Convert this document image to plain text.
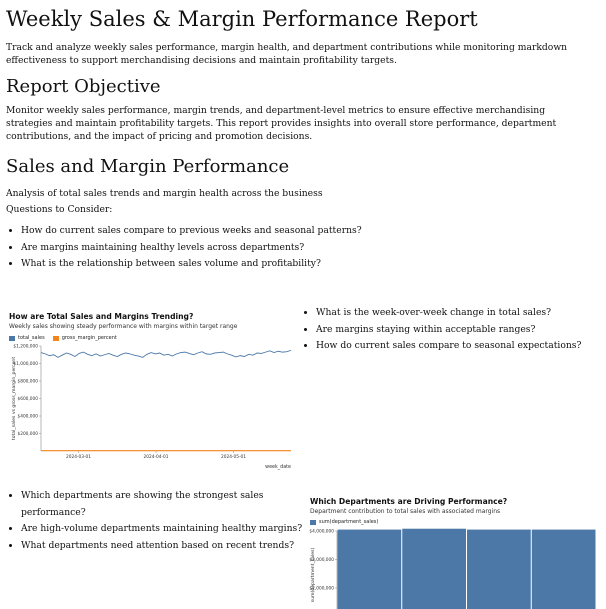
Weekly Sales & Margin Performance Report

Track and analyze weekly sales performance, margin health, and department contributions while monitoring markdown effectiveness to support merchandising decisions and maintain profitability targets.

Report Objective

Monitor weekly sales performance, margin trends, and department-level metrics to ensure effective merchandising strategies and maintain profitability targets. This report provides insights into overall store performance, department contributions, and the impact of pricing and promotion decisions.

Sales and Margin Performance

Analysis of total sales trends and margin health across the business

Questions to Consider:

• How do current sales compare to previous weeks and seasonal patterns?
• Are margins maintaining healthy levels across departments?
• What is the relationship between sales volume and profitability?
How are Total Sales and Margins Trending?
Weekly sales showing steady performance with margins within target range
total_sales	gross_margin_percent
total_sales vs gross_margin_percent $200,000
$400,000
$600,000
$800,000
$1,000,000
$1,200,000
2024-03-01	2024-04-01	2024-05-01
week_date
• What is the week-over-week change in total sales?
• Are margins staying within acceptable ranges?
• How do current sales compare to seasonal expectations?
• Which departments are showing the strongest sales performance?
• Are high-volume departments maintaining healthy margins?
• What departments need attention based on recent trends?
Which Departments are Driving Performance?
Department contribution to total sales with associated margins
sum(department_sales)
sum(department_sales)
$2,000,000
$3,000,000
$4,000,000
